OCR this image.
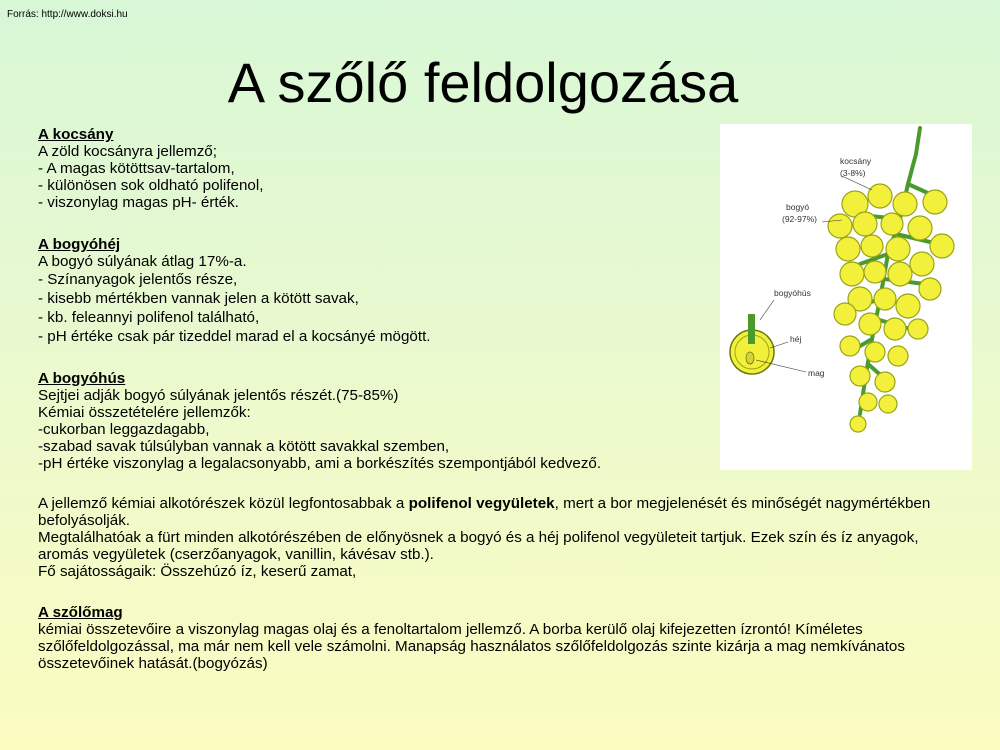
Forrás: http://www.doksi.hu
A szőlő feldolgozása

A kocsány

A zöld kocsányra jellemző;

- A magas kötöttsav-tartalom,

- különösen sok oldható polifenol,

- viszonylag magas pH- érték.

A bogyóhéj

A bogyó súlyának átlag 17%-a.

- Színanyagok jelentős része,

- kisebb mértékben vannak jelen a kötött savak,

- kb. feleannyi polifenol található,

- pH értéke csak pár tizeddel marad el a kocsányé mögött.

A bogyóhús

Sejtjei adják bogyó súlyának jelentős részét.(75-85%)

Kémiai összetételére jellemzők:

-cukorban leggazdagabb,

-szabad savak túlsúlyban vannak a kötött savakkal szemben,

-pH értéke viszonylag a legalacsonyabb, ami a borkészítés szempontjából kedvező.

A jellemző kémiai alkotórészek közül legfontosabbak a polifenol vegyületek, mert a bor megjelenését és minőségét nagymértékben befolyásolják.

Megtalálhatóak a fürt minden alkotórészében de előnyösnek a bogyó és a héj polifenol vegyületeit tartjuk. Ezek szín és íz anyagok, aromás vegyületek (cserzőanyagok, vanillin, kávésav stb.).

Fő sajátosságaik: Összehúzó íz, keserű zamat,

A szőlőmag

kémiai összetevőire a viszonylag magas olaj és a fenoltartalom jellemző. A borba kerülő olaj kifejezetten ízrontó! Kíméletes szőlőfeldolgozással, ma már nem kell vele számolni. Manapság használatos szőlőfeldolgozás szinte kizárja a mag nemkívánatos összetevőinek hatását.(bogyózás)

kocsány
(3-8%)
bogyó
(92-97%)
bogyóhús
héj
mag
